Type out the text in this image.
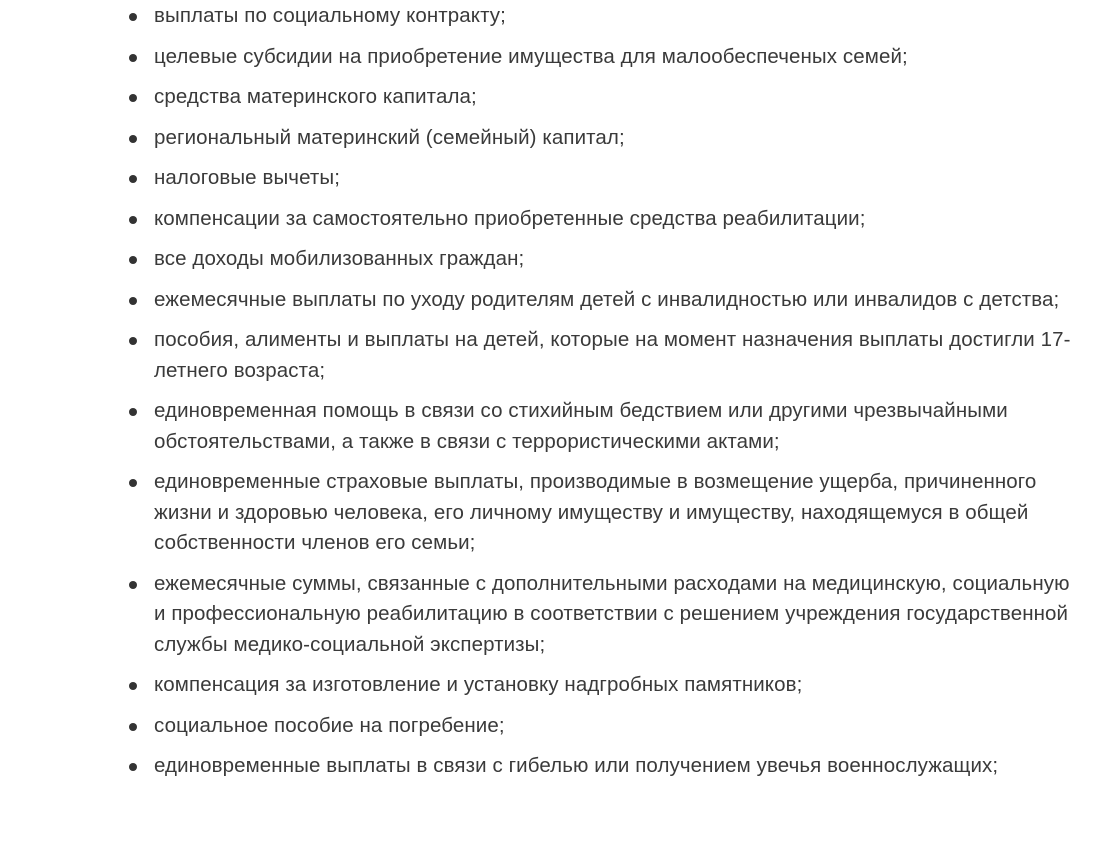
выплаты по социальному контракту;
целевые субсидии на приобретение имущества для малообеспеченых семей;
средства материнского капитала;
региональный материнский (семейный) капитал;
налоговые вычеты;
компенсации за самостоятельно приобретенные средства реабилитации;
все доходы мобилизованных граждан;
ежемесячные выплаты по уходу родителям детей с инвалидностью или инвалидов с детства;
пособия, алименты и выплаты на детей, которые на момент назначения выплаты достигли 17-летнего возраста;
единовременная помощь в связи со стихийным бедствием или другими чрезвычайными обстоятельствами, а также в связи с террористическими актами;
единовременные страховые выплаты, производимые в возмещение ущерба, причиненного жизни и здоровью человека, его личному имуществу и имуществу, находящемуся в общей собственности членов его семьи;
ежемесячные суммы, связанные с дополнительными расходами на медицинскую, социальную и профессиональную реабилитацию в соответствии с решением учреждения государственной службы медико-социальной экспертизы;
компенсация за изготовление и установку надгробных памятников;
социальное пособие на погребение;
единовременные выплаты в связи с гибелью или получением увечья военнослужащих;
